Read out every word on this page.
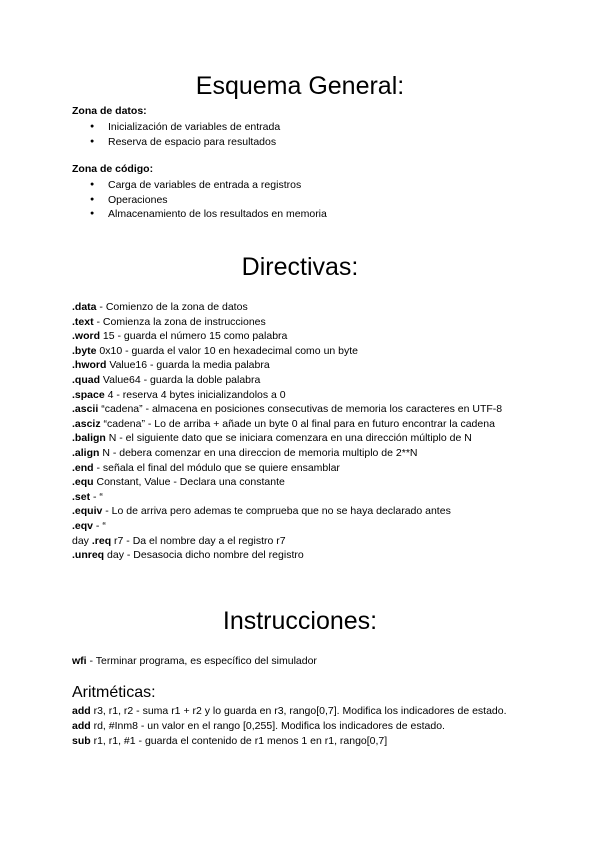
Esquema General:
Zona de datos:
● Inicialización de variables de entrada
● Reserva de espacio para resultados
Zona de código:
● Carga de variables de entrada a registros
● Operaciones
● Almacenamiento de los resultados en memoria
Directivas:
.data - Comienzo de la zona de datos
.text - Comienza la zona de instrucciones
.word 15 - guarda el número 15 como palabra
.byte 0x10 - guarda el valor 10 en hexadecimal como un byte
.hword Value16 - guarda la media palabra
.quad Value64 - guarda la doble palabra
.space 4 - reserva 4 bytes inicializandolos a 0
.ascii “cadena” - almacena en posiciones consecutivas de memoria los caracteres en UTF-8
.asciz “cadena” - Lo de arriba + añade un byte 0 al final para en futuro encontrar la cadena
.balign N - el siguiente dato que se iniciara comenzara en una dirección múltiplo de N
.align N - debera comenzar en una direccion de memoria multiplo de 2**N
.end - señala el final del módulo que se quiere ensamblar
.equ Constant, Value - Declara una constante
.set - “
.equiv - Lo de arriva pero ademas te comprueba que no se haya declarado antes
.eqv - “
day .req r7 - Da el nombre day a el registro r7
.unreq day - Desasocia dicho nombre del registro
Instrucciones:
wfi - Terminar programa, es específico del simulador
Aritméticas:
add r3, r1, r2 - suma r1 + r2 y lo guarda en r3, rango[0,7]. Modifica los indicadores de estado.
add rd, #Inm8 - un valor en el rango [0,255]. Modifica los indicadores de estado.
sub r1, r1, #1 - guarda el contenido de r1 menos 1 en r1, rango[0,7]
